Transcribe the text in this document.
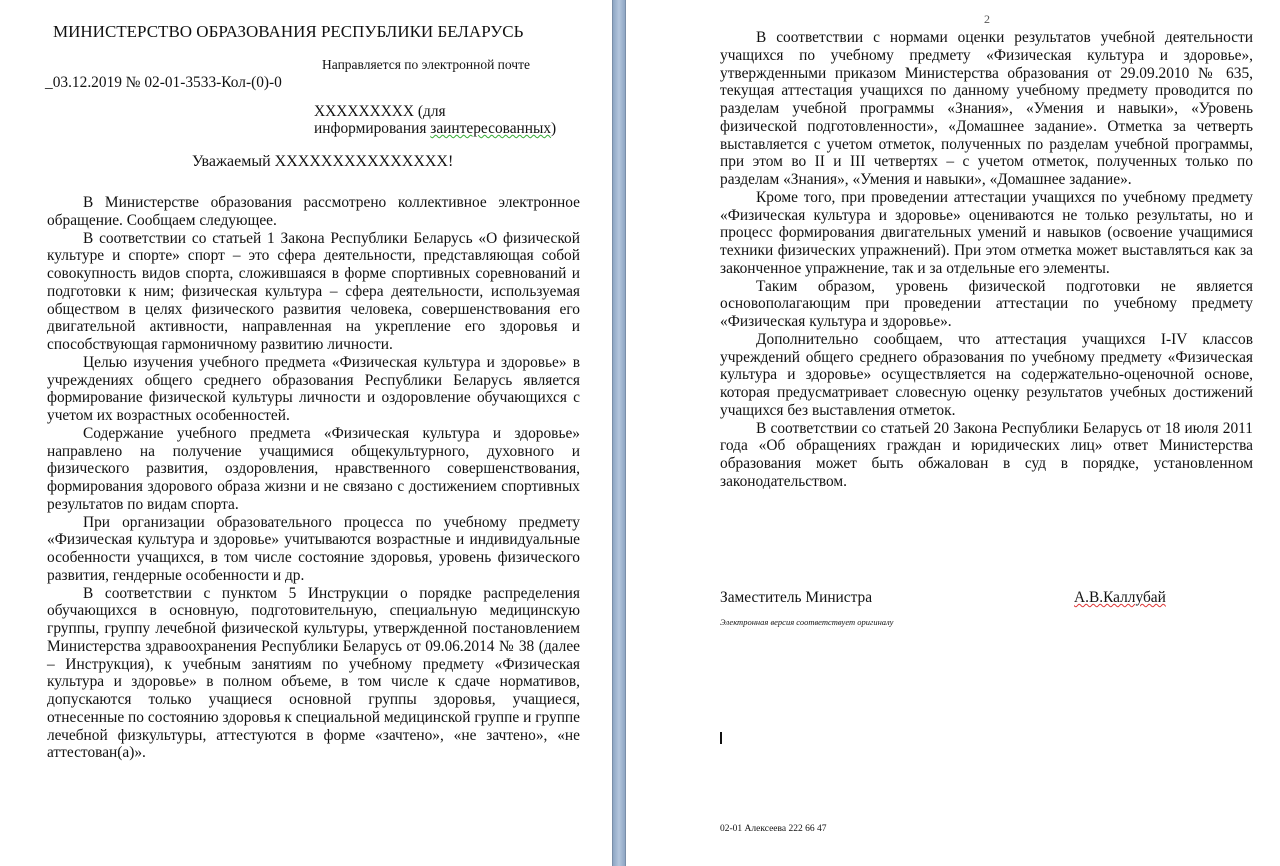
МИНИСТЕРСТВО ОБРАЗОВАНИЯ РЕСПУБЛИКИ БЕЛАРУСЬ
Направляется по электронной почте
_03.12.2019 № 02-01-3533-Кол-(0)-0
ХХХХХХХХХ (для
информирования заинтересованных)
Уважаемый ХХХХХХХХХХХХХХХ!

В Министерстве образования рассмотрено коллективное электронное обращение. Сообщаем следующее.

В соответствии со статьей 1 Закона Республики Беларусь «О физической культуре и спорте» спорт – это сфера деятельности, представляющая собой совокупность видов спорта, сложившаяся в форме спортивных соревнований и подготовки к ним; физическая культура – сфера деятельности, используемая обществом в целях физического развития человека, совершенствования его двигательной активности, направленная на укрепление его здоровья и способствующая гармоничному развитию личности.

Целью изучения учебного предмета «Физическая культура и здоровье» в учреждениях общего среднего образования Республики Беларусь является формирование физической культуры личности и оздоровление обучающихся с учетом их возрастных особенностей.

Содержание учебного предмета «Физическая культура и здоровье» направлено на получение учащимися общекультурного, духовного и физического развития, оздоровления, нравственного совершенствования, формирования здорового образа жизни и не связано с достижением спортивных результатов по видам спорта.

При организации образовательного процесса по учебному предмету «Физическая культура и здоровье» учитываются возрастные и индивидуальные особенности учащихся, в том числе состояние здоровья, уровень физического развития, гендерные особенности и др.

В соответствии с пунктом 5 Инструкции о порядке распределения обучающихся в основную, подготовительную, специальную медицинскую группы, группу лечебной физической культуры, утвержденной постановлением Министерства здравоохранения Республики Беларусь от 09.06.2014 № 38 (далее – Инструкция), к учебным занятиям по учебному предмету «Физическая культура и здоровье» в полном объеме, в том числе к сдаче нормативов, допускаются только учащиеся основной группы здоровья, учащиеся, отнесенные по состоянию здоровья к специальной медицинской группе и группе лечебной физкультуры, аттестуются в форме «зачтено», «не зачтено», «не аттестован(а)».

2

В соответствии с нормами оценки результатов учебной деятельности учащихся по учебному предмету «Физическая культура и здоровье», утвержденными приказом Министерства образования от 29.09.2010 № 635, текущая аттестация учащихся по данному учебному предмету проводится по разделам учебной программы «Знания», «Умения и навыки», «Уровень физической подготовленности», «Домашнее задание». Отметка за четверть выставляется с учетом отметок, полученных по разделам учебной программы, при этом во II и III четвертях – с учетом отметок, полученных только по разделам «Знания», «Умения и навыки», «Домашнее задание».

Кроме того, при проведении аттестации учащихся по учебному предмету «Физическая культура и здоровье» оцениваются не только результаты, но и процесс формирования двигательных умений и навыков (освоение учащимися техники физических упражнений). При этом отметка может выставляться как за законченное упражнение, так и за отдельные его элементы.

Таким образом, уровень физической подготовки не является основополагающим при проведении аттестации по учебному предмету «Физическая культура и здоровье».

Дополнительно сообщаем, что аттестация учащихся I-IV классов учреждений общего среднего образования по учебному предмету «Физическая культура и здоровье» осуществляется на содержательно-оценочной основе, которая предусматривает словесную оценку результатов учебных достижений учащихся без выставления отметок.

В соответствии со статьей 20 Закона Республики Беларусь от 18 июля 2011 года «Об обращениях граждан и юридических лиц» ответ Министерства образования может быть обжалован в суд в порядке, установленном законодательством.

Заместитель Министра	А.В.Каллубай
Электронная версия соответствует оригиналу
02-01 Алексеева 222 66 47
